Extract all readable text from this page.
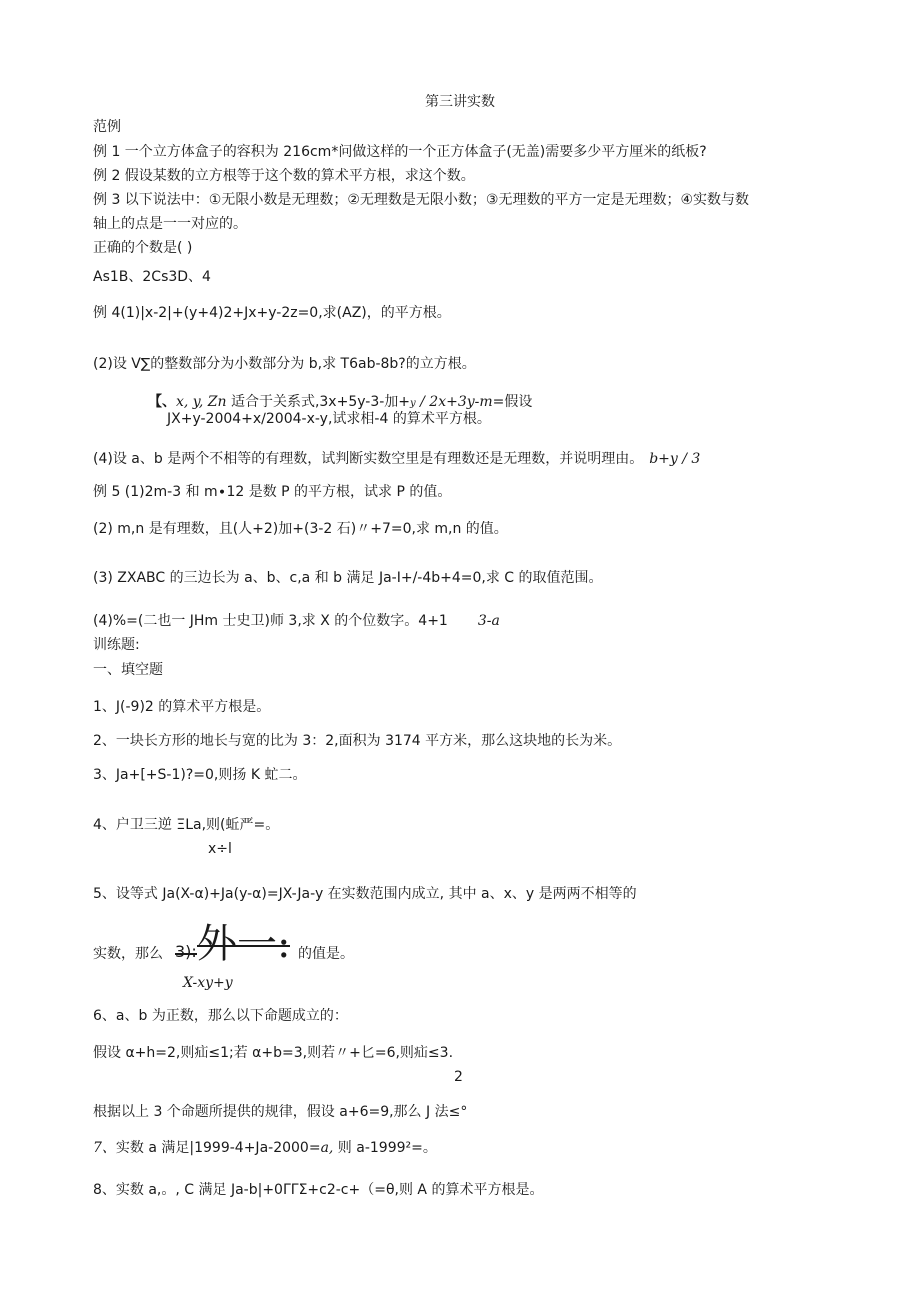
第三讲实数
范例
例 1 一个立方体盒子的容积为 216cm*问做这样的一个正方体盒子(无盖)需要多少平方厘米的纸板?
例 2 假设某数的立方根等于这个数的算术平方根，求这个数。
例 3 以下说法中：①无限小数是无理数；②无理数是无限小数；③无理数的平方一定是无理数；④实数与数
轴上的点是一一对应的。
正确的个数是( )
As1B、2Cs3D、4
例 4(1)|x-2|+(y+4)2+Jx+y-2z=0,求(AZ)，的平方根。
(2)设 V∑的整数部分为小数部分为 b,求 T6ab-8b?的立方根。
【、x, y, Zn 适合于关系式,3x+5y-3-加+y / 2x+3y-m=假设
JX+y-2004+x∕2004-x-y,试求相-4 的算术平方根。
(4)设 a、b 是两个不相等的有理数，试判断实数空里是有理数还是无理数，并说明理由。 b+y / 3
例 5 (1)2m-3 和 m∙12 是数 P 的平方根，试求 P 的值。
(2) m,n 是有理数，且(人+2)加+(3-2 石)〃+7=0,求 m,n 的值。
(3) ZXABC 的三边长为 a、b、c,a 和 b 满足 Ja-I+/-4b+4=0,求 C 的取值范围。
(4)%=(二也一 JHm 士史卫)师 3,求 X 的个位数字。4+1 3-a
训练题:
一、填空题
1、J(-9)2 的算术平方根是。
2、一块长方形的地长与宽的比为 3：2,面积为 3174 平方米，那么这块地的长为米。
3、Ja+[+S-1)?=0,则扬 K 虻二。
4、户卫三逆 ΞLa,则(蚯严=。
x÷l
5、设等式 Ja(X-α)+Ja(y-α)=JX-Ja-y 在实数范围内成立, 其中 a、x、y 是两两不相等的
实数，那么 3): 外一: 的值是。
X-xy+y
6、a、b 为正数，那么以下命题成立的：
假设 α+h=2,则疝≤1;若 α+b=3,则若〃+匕=6,则疝≤3.
2
根据以上 3 个命题所提供的规律，假设 a+6=9,那么 J 法≤°
7、实数 a 满足|1999-4+Ja-2000=a, 则 a-1999²=。
8、实数 a,。, C 满足 Ja-b|+0ΓΓΣ+c2-c+（=θ,则 A 的算术平方根是。
